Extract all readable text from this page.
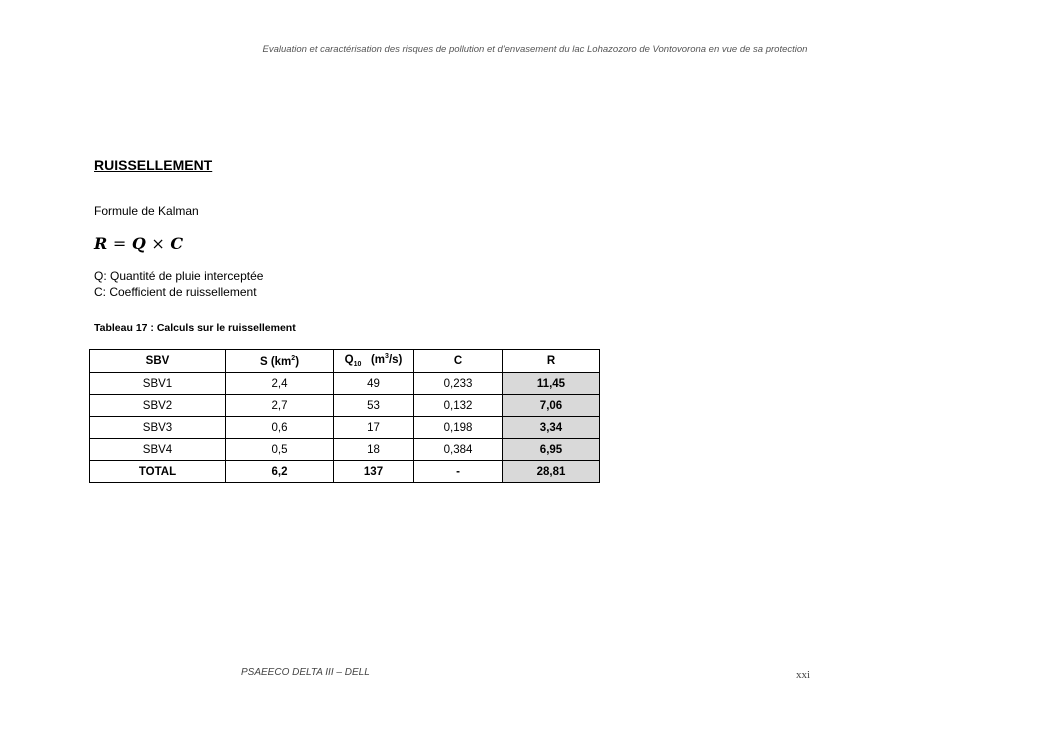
Evaluation et caractérisation des risques de pollution et d'envasement du lac Lohazozoro de Vontovorona en vue de sa protection
RUISSELLEMENT
Formule de Kalman
R = Q × C
Q: Quantité de pluie interceptée
C: Coefficient de ruissellement
Tableau 17 : Calculs sur le ruissellement
SBV	S $(km^2)$	$Q_{10}$   $(m^3/s)$	C	R
SBV1	2,4	49	0,233	11,45
SBV2	2,7	53	0,132	7,06
SBV3	0,6	17	0,198	3,34
SBV4	0,5	18	0,384	6,95
TOTAL	6,2	137	-	28,81
PSAEECO DELTA III – DELL	xxi
